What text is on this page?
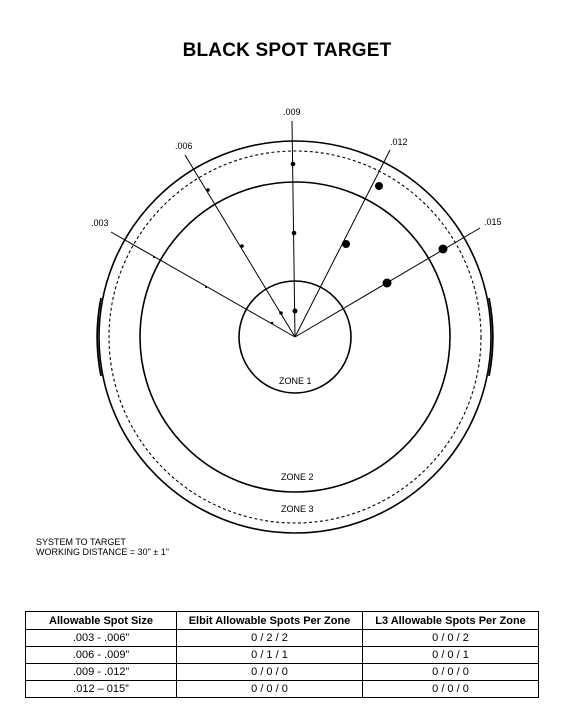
BLACK SPOT TARGET
.003
.006
.009
.012
.015
ZONE 1
ZONE 2
ZONE 3
SYSTEM TO TARGET
WORKING DISTANCE = 30" ± 1"
Allowable Spot Size	Elbit Allowable Spots Per Zone	L3 Allowable Spots Per Zone
.003 - .006”	0 / 2 / 2	0 / 0 / 2
.006 - .009”	0 / 1 / 1	0 / 0 / 1
.009 - .012”	0 / 0 / 0	0 / 0 / 0
.012 – 015”	0 / 0 / 0	0 / 0 / 0
